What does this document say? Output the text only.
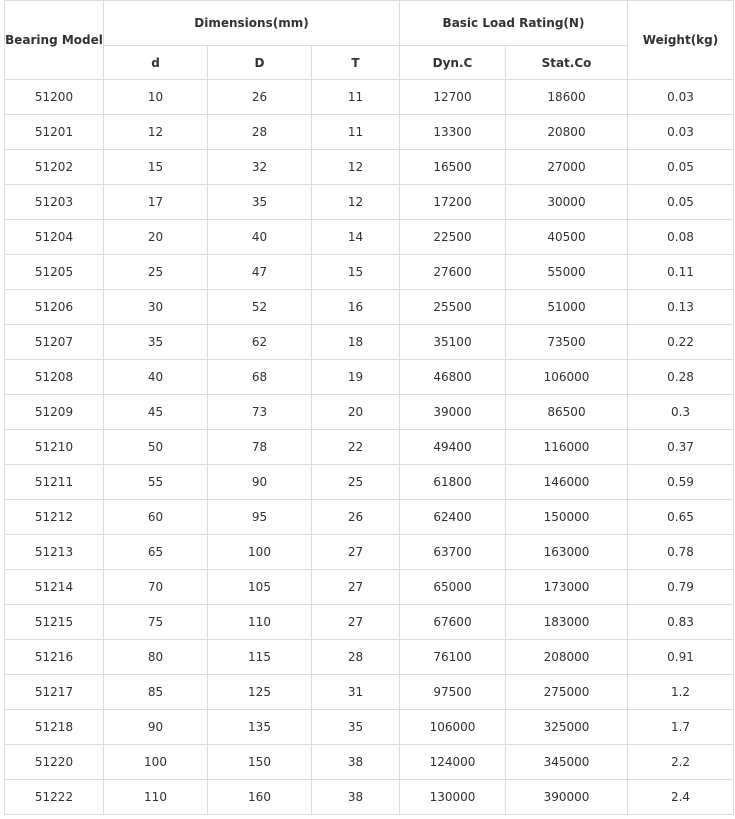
Bearing Model	Dimensions(mm)			Basic Load Rating(N)		Weight(kg)
	d	D	T	Dyn.C	Stat.Co	
51200	10	26	11	12700	18600	0.03
51201	12	28	11	13300	20800	0.03
51202	15	32	12	16500	27000	0.05
51203	17	35	12	17200	30000	0.05
51204	20	40	14	22500	40500	0.08
51205	25	47	15	27600	55000	0.11
51206	30	52	16	25500	51000	0.13
51207	35	62	18	35100	73500	0.22
51208	40	68	19	46800	106000	0.28
51209	45	73	20	39000	86500	0.3
51210	50	78	22	49400	116000	0.37
51211	55	90	25	61800	146000	0.59
51212	60	95	26	62400	150000	0.65
51213	65	100	27	63700	163000	0.78
51214	70	105	27	65000	173000	0.79
51215	75	110	27	67600	183000	0.83
51216	80	115	28	76100	208000	0.91
51217	85	125	31	97500	275000	1.2
51218	90	135	35	106000	325000	1.7
51220	100	150	38	124000	345000	2.2
51222	110	160	38	130000	390000	2.4
